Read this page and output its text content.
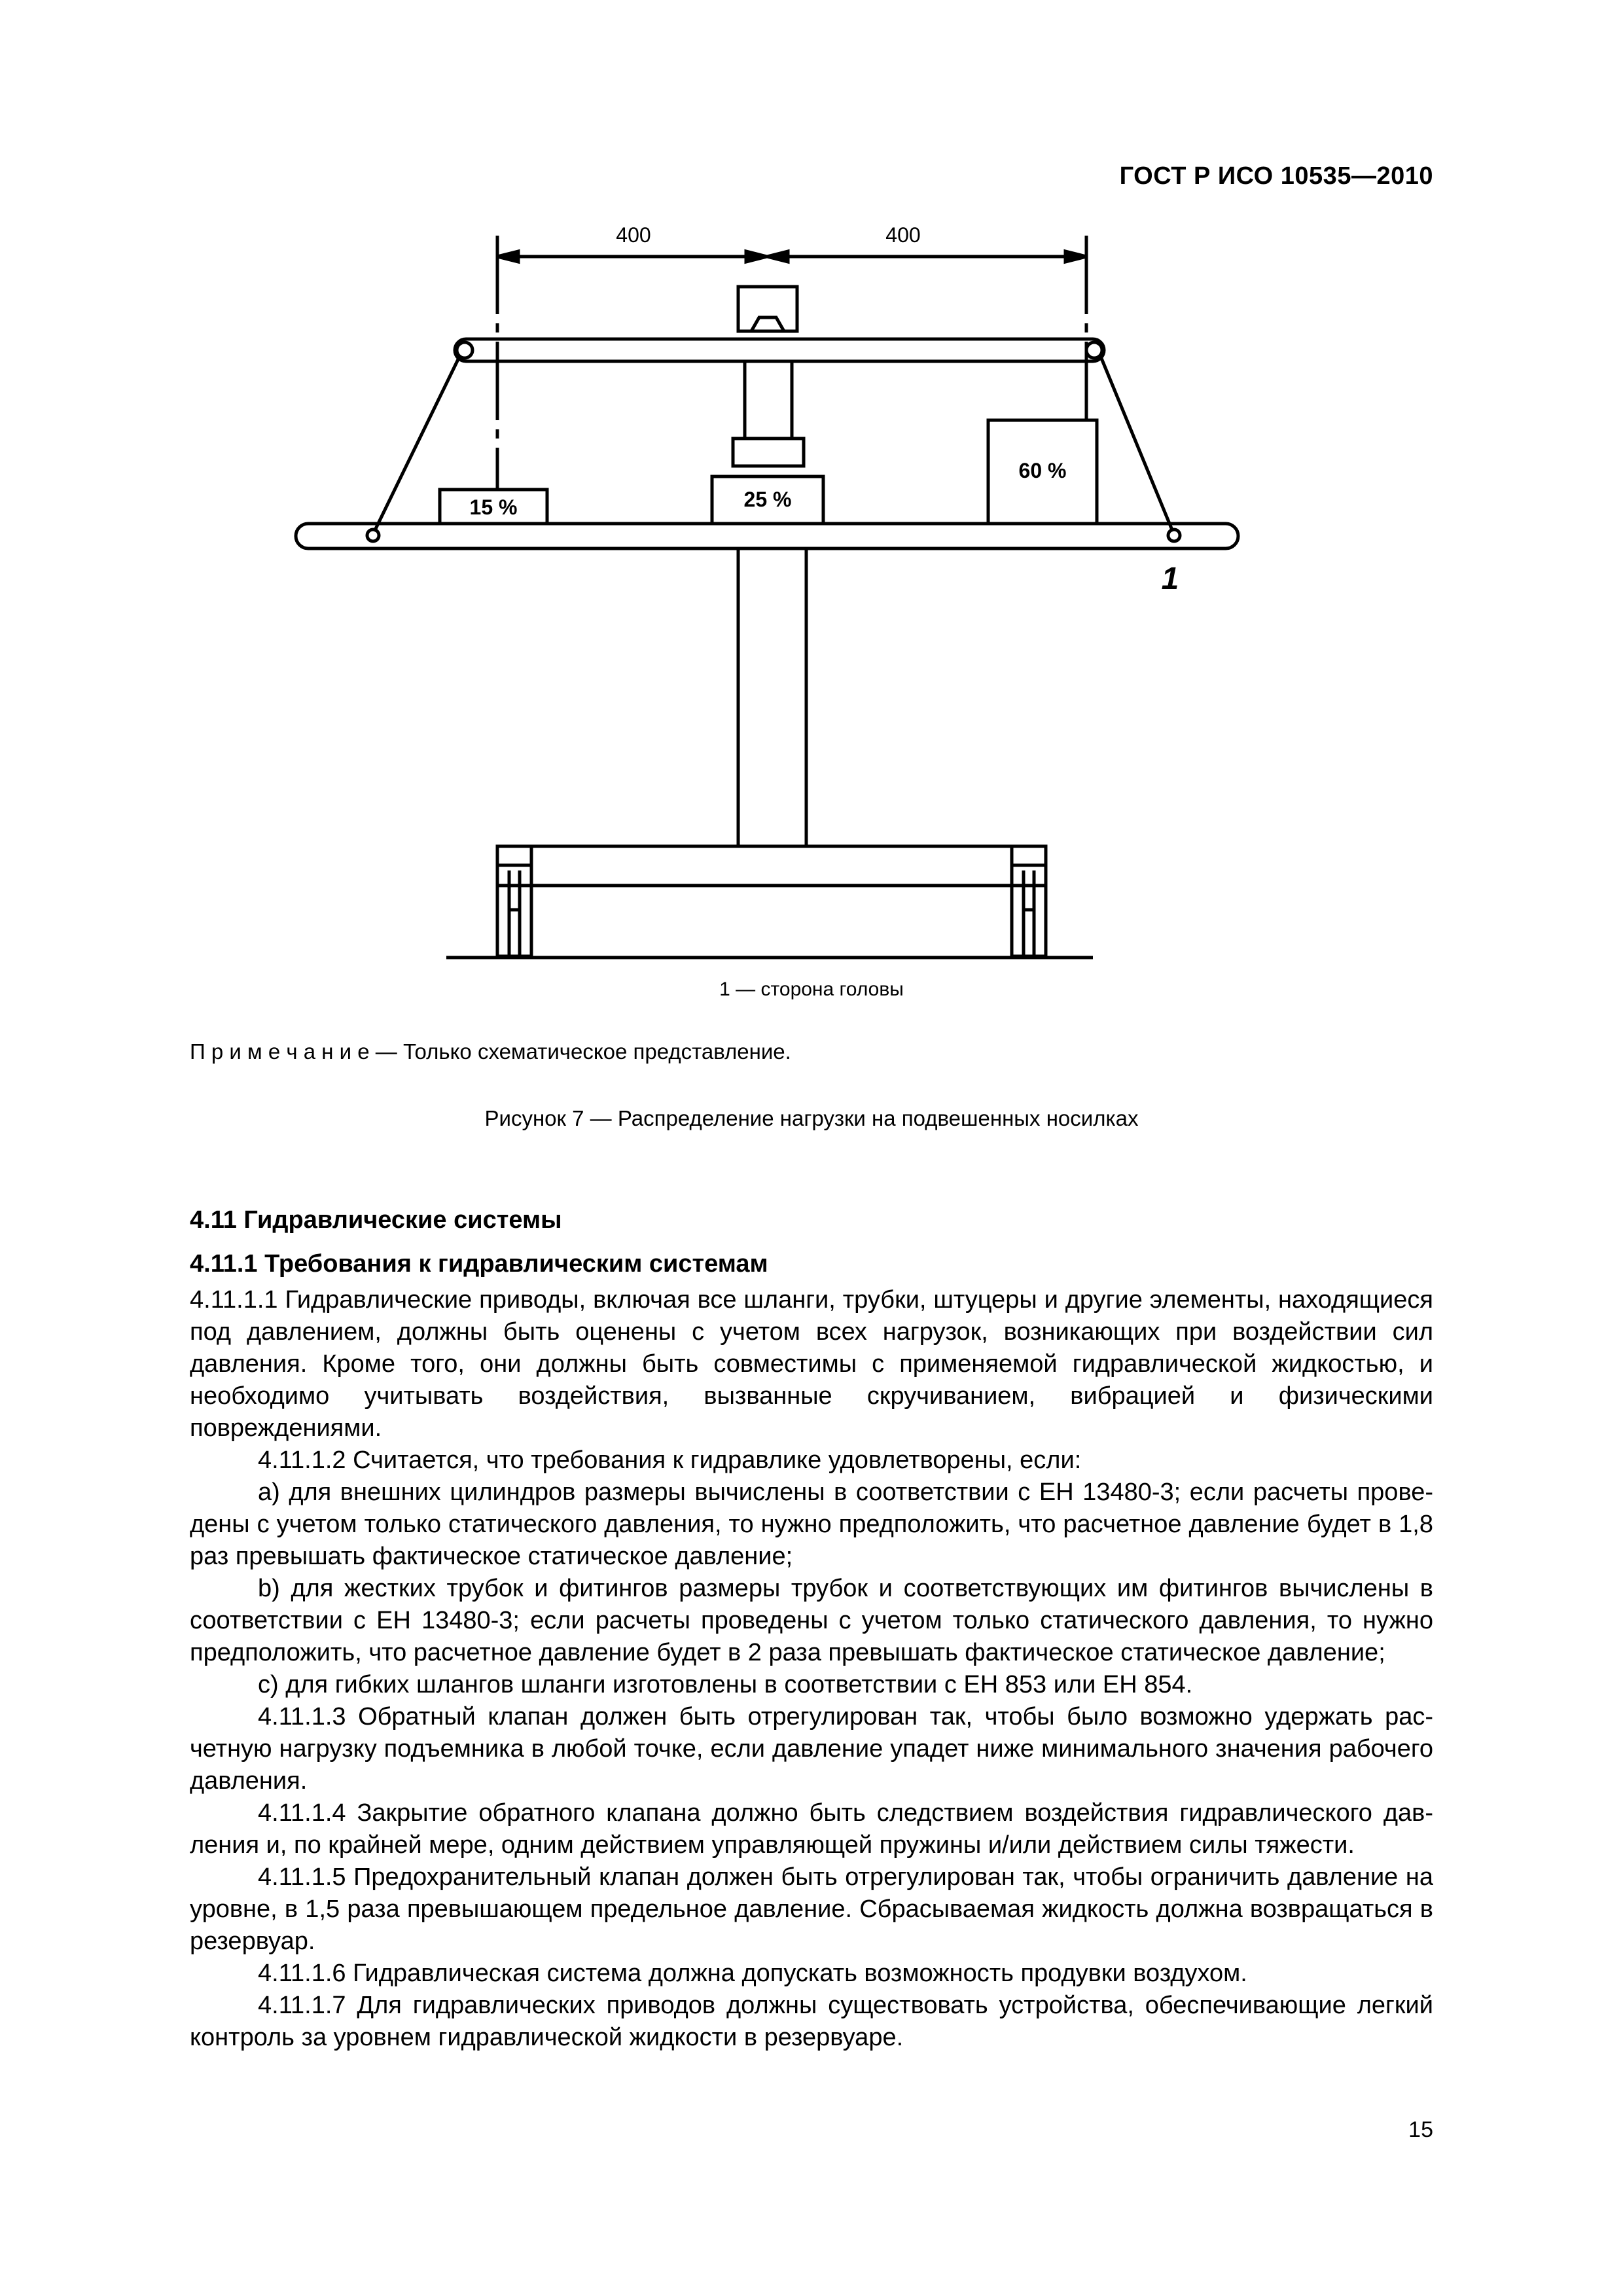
ГОСТ Р ИСО 10535—2010
400	400
15 %	25 %
60 %
1
1 — сторона головы
П р и м е ч а н и е — Только схематическое представление.
Рисунок 7 — Распределение нагрузки на подвешенных носилках
4.11 Гидравлические системы
4.11.1 Требования к гидравлическим системам

4.11.1.1 Гидравлические приводы, включая все шланги, трубки, штуцеры и другие элементы, находящиеся под давлением, должны быть оценены с учетом всех нагрузок, возникающих при воздействии сил давления. Кроме того, они должны быть совместимы с применяемой гидравлической жидкостью, и необходимо учитывать воздействия, вызванные скручиванием, вибрацией и физическими повреждениями.

4.11.1.2 Считается, что требования к гидравлике удовлетворены, если:

a) для внешних цилиндров размеры вычислены в соответствии с ЕН 13480-3; если расчеты проведены с учетом только статического давления, то нужно предположить, что расчетное давление будет в 1,8 раз превышать фактическое статическое давление;

b) для жестких трубок и фитингов размеры трубок и соответствующих им фитингов вычислены в соответствии с ЕН 13480-3; если расчеты проведены с учетом только статического давления, то нужно предположить, что расчетное давление будет в 2 раза превышать фактическое статическое давление;

c) для гибких шлангов шланги изготовлены в соответствии с ЕН 853 или ЕН 854.

4.11.1.3 Обратный клапан должен быть отрегулирован так, чтобы было возможно удержать расчетную нагрузку подъемника в любой точке, если давление упадет ниже минимального значения рабочего давления.

4.11.1.4 Закрытие обратного клапана должно быть следствием воздействия гидравлического давления и, по крайней мере, одним действием управляющей пружины и/или действием силы тяжести.

4.11.1.5 Предохранительный клапан должен быть отрегулирован так, чтобы ограничить давление на уровне, в 1,5 раза превышающем предельное давление. Сбрасываемая жидкость должна возвращаться в резервуар.

4.11.1.6 Гидравлическая система должна допускать возможность продувки воздухом.

4.11.1.7 Для гидравлических приводов должны существовать устройства, обеспечивающие легкий контроль за уровнем гидравлической жидкости в резервуаре.

15
